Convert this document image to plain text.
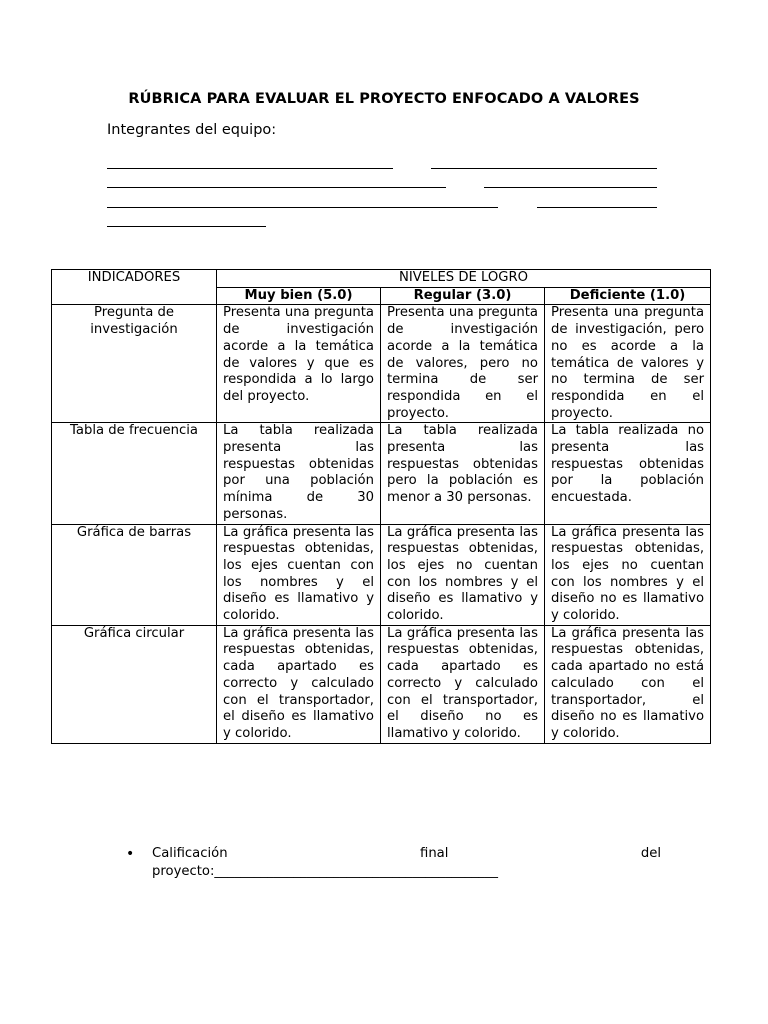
RÚBRICA PARA EVALUAR EL PROYECTO ENFOCADO A VALORES
Integrantes del equipo:
INDICADORES	NIVELES DE LOGRO		
	Muy bien (5.0)	Regular (3.0)	Deficiente (1.0)
Pregunta de investigación	Presenta una pregunta de investigación acorde a la temática de valores y que es respondida a lo largo del proyecto.	Presenta una pregunta de investigación acorde a la temática de valores, pero no termina de ser respondida en el proyecto.	Presenta una pregunta de investigación, pero no es acorde a la temática de valores y no termina de ser respondida en el proyecto.
Tabla de frecuencia	La tabla realizada presenta las respuestas obtenidas por una población mínima de 30 personas.	La tabla realizada presenta las respuestas obtenidas pero la población es menor a 30 personas.	La tabla realizada no presenta las respuestas obtenidas por la población encuestada.
Gráfica de barras	La gráfica presenta las respuestas obtenidas, los ejes cuentan con los nombres y el diseño es llamativo y colorido.	La gráfica presenta las respuestas obtenidas, los ejes no cuentan con los nombres y el diseño es llamativo y colorido.	La gráfica presenta las respuestas obtenidas, los ejes no cuentan con los nombres y el diseño no es llamativo y colorido.
Gráfica circular	La gráfica presenta las respuestas obtenidas, cada apartado es correcto y calculado con el transportador, el diseño es llamativo y colorido.	La gráfica presenta las respuestas obtenidas, cada apartado es correcto y calculado con el transportador, el diseño no es llamativo y colorido.	La gráfica presenta las respuestas obtenidas, cada apartado no está calculado con el transportador, el diseño no es llamativo y colorido.
• Calificación	final	del
proyecto:___________________________________________
